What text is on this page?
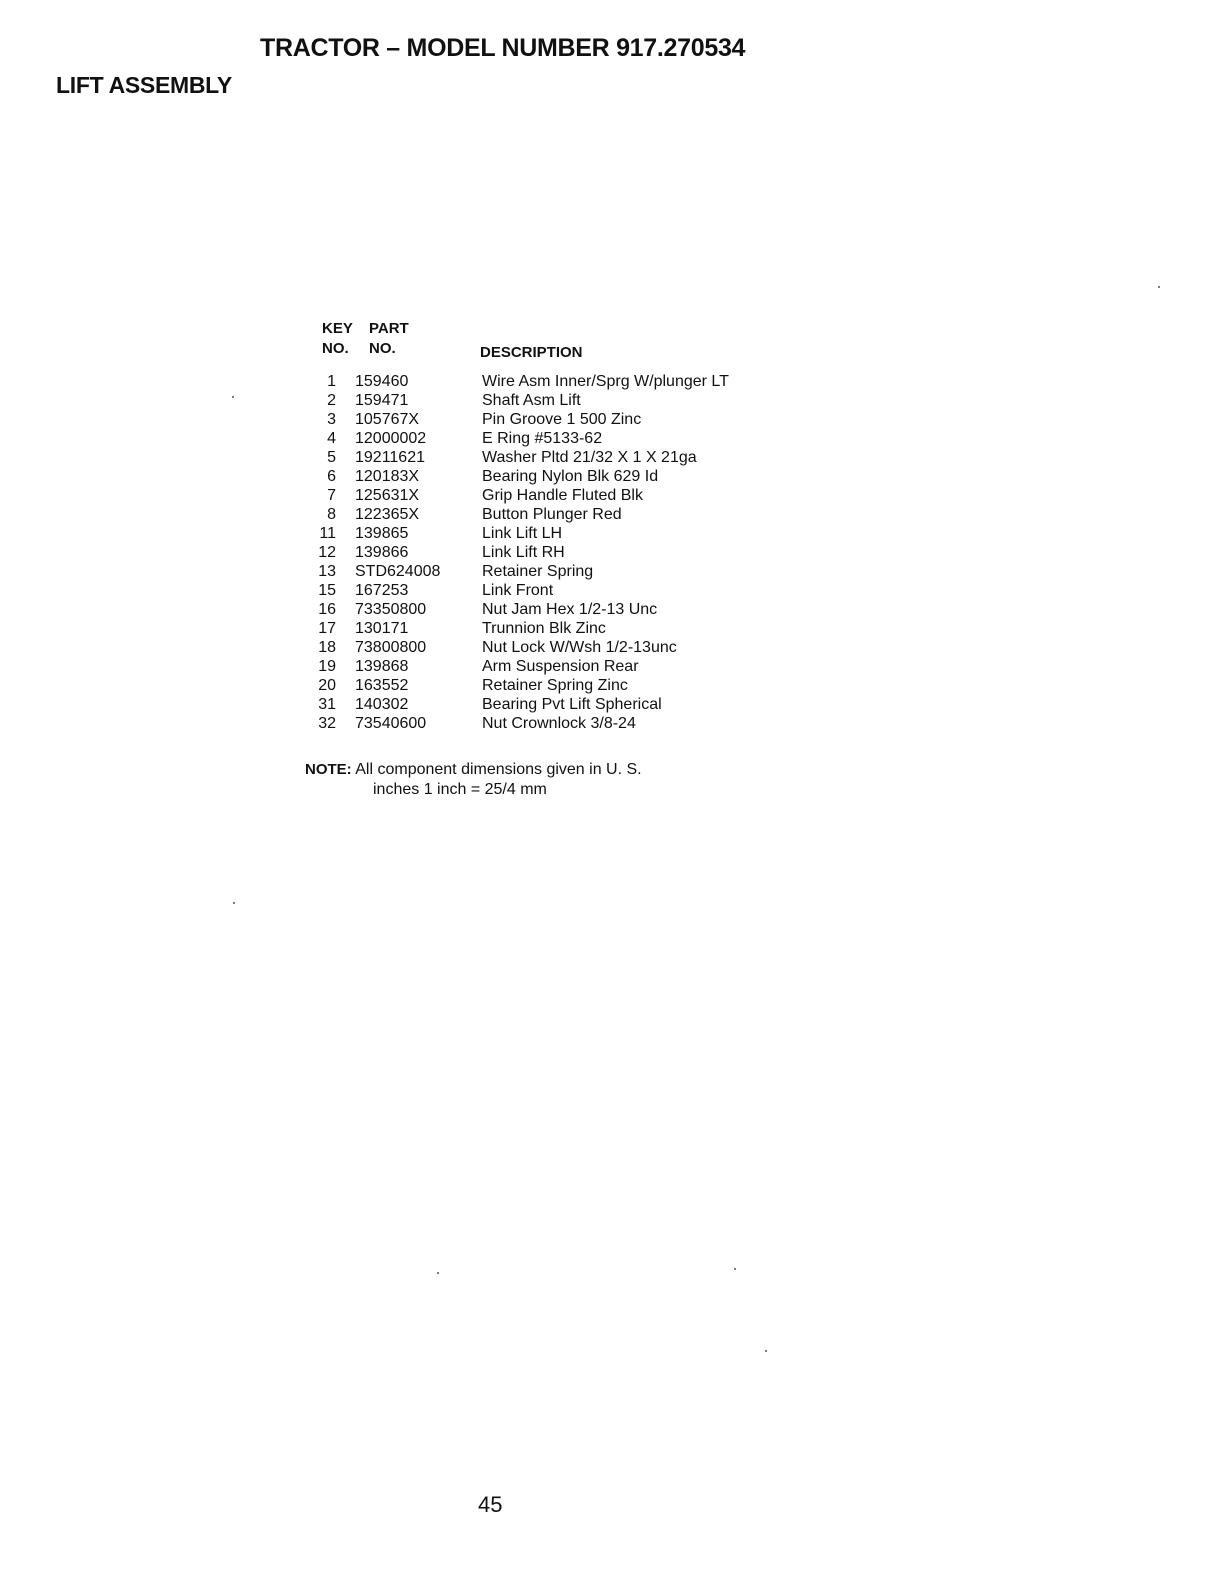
TRACTOR – MODEL NUMBER 917.270534
LIFT ASSEMBLY
KEY
NO.
PART
NO.	DESCRIPTION
1 159460	Wire Asm Inner/Sprg W/plunger LT
2 159471	Shaft Asm Lift
3 105767X	Pin Groove 1 500 Zinc
4 12000002	E Ring #5133-62
5 19211621	Washer Pltd 21/32 X 1 X 21ga
6 120183X	Bearing Nylon Blk 629 Id
7 125631X	Grip Handle Fluted Blk
8 122365X	Button Plunger Red
11 139865	Link Lift LH
12 139866	Link Lift RH
13 STD624008	Retainer Spring
15 167253	Link Front
16 73350800	Nut Jam Hex 1/2-13 Unc
17 130171	Trunnion Blk Zinc
18 73800800	Nut Lock W/Wsh 1/2-13unc
19 139868	Arm Suspension Rear
20 163552	Retainer Spring Zinc
31 140302	Bearing Pvt Lift Spherical
32 73540600	Nut Crownlock 3/8-24
NOTE: All component dimensions given in U. S.
inches 1 inch = 25/4 mm
45
